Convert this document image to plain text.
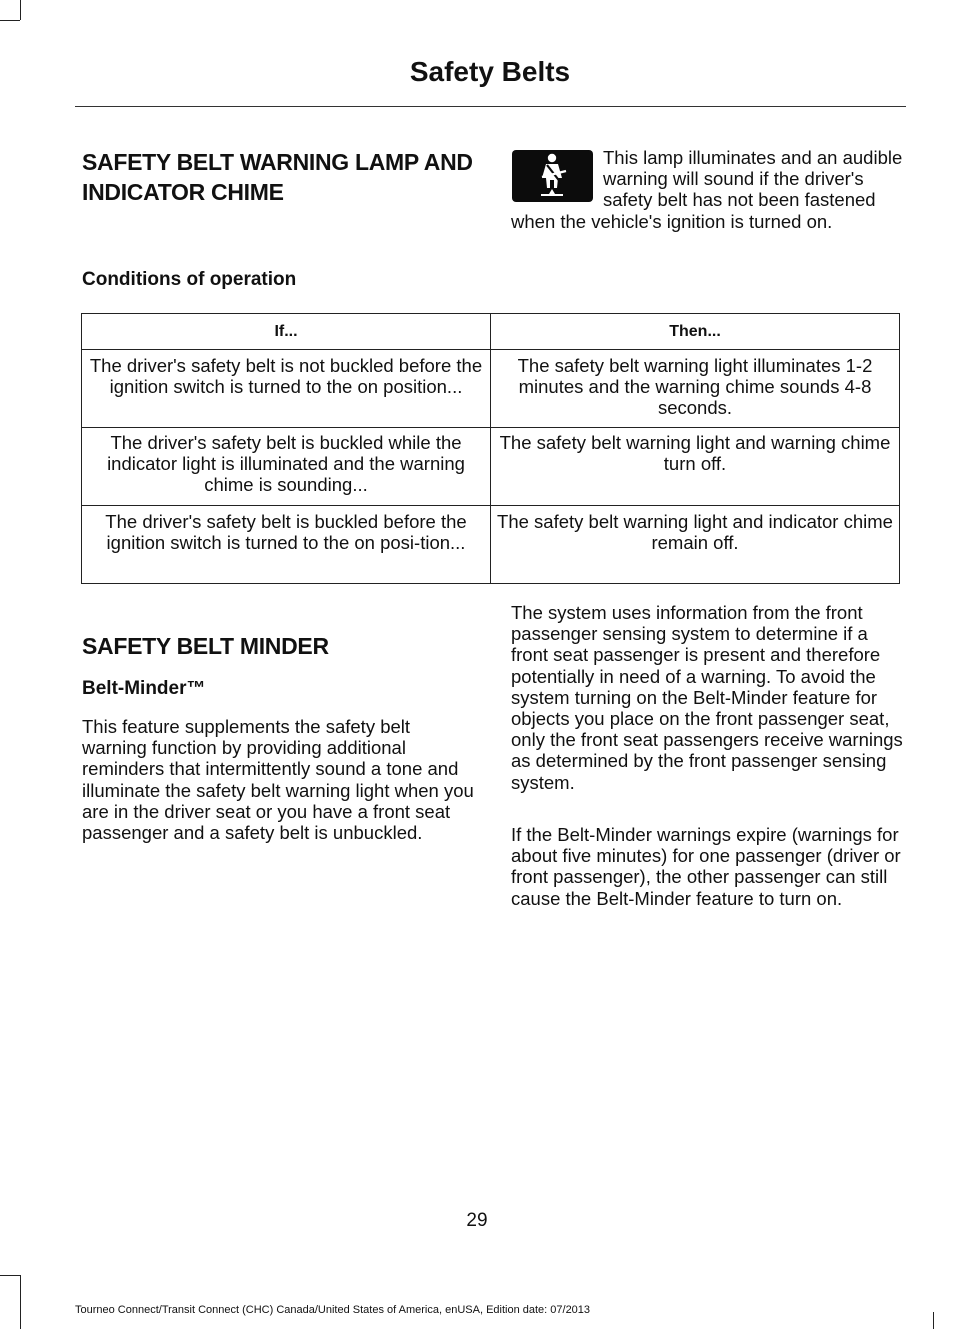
Safety Belts
SAFETY BELT WARNING LAMP AND INDICATOR CHIME
This lamp illuminates and an audible warning will sound if the driver's safety belt has not been fastened when the vehicle's ignition is turned on.
Conditions of operation
If...	Then...
The driver's safety belt is not buckled before the ignition switch is turned to the on position...	The safety belt warning light illuminates 1-2 minutes and the warning chime sounds 4-8 seconds.
The driver's safety belt is buckled while the indicator light is illuminated and the warning chime is sounding...	The safety belt warning light and warning chime turn off.
The driver's safety belt is buckled before the ignition switch is turned to the on posi-tion...	The safety belt warning light and indicator chime remain off.
SAFETY BELT MINDER
Belt-Minder™
This feature supplements the safety belt warning function by providing additional reminders that intermittently sound a tone and illuminate the safety belt warning light when you are in the driver seat or you have a front seat passenger and a safety belt is unbuckled.
The system uses information from the front passenger sensing system to determine if a front seat passenger is present and therefore potentially in need of a warning. To avoid the system turning on the Belt-Minder feature for objects you place on the front passenger seat, only the front seat passengers receive warnings as determined by the front passenger sensing system.
If the Belt-Minder warnings expire (warnings for about five minutes) for one passenger (driver or front passenger), the other passenger can still cause the Belt-Minder feature to turn on.
29
Tourneo Connect/Transit Connect (CHC) Canada/United States of America, enUSA, Edition date: 07/2013
